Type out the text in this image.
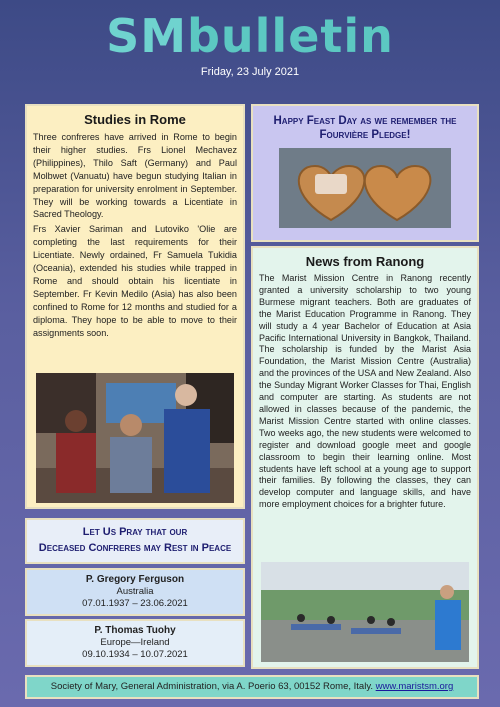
SM bulletin
Friday, 23 July 2021
Studies in Rome

Three confreres have arrived in Rome to begin their higher studies. Frs Lionel Mechavez (Philippines), Thilo Saft (Germany) and Paul Molbwet (Vanuatu) have begun studying Italian in preparation for university enrolment in September. They will be working towards a Licentiate in Sacred Theology.

Frs Xavier Sariman and Lutoviko 'Olie are completing the last requirements for their Licentiate. Newly ordained, Fr Samuela Tukidia (Oceania), extended his studies while trapped in Rome and should obtain his licentiate in September. Fr Kevin Medilo (Asia) has also been confined to Rome for 12 months and studied for a diploma. They hope to be able to move to their assignments soon.

Happy Feast Day as we remember the
Fourvière Pledge!
News from Ranong

The Marist Mission Centre in Ranong recently granted a university scholarship to two young Burmese migrant teachers. Both are graduates of the Marist Education Programme in Ranong. They will study a 4 year Bachelor of Education at Asia Pacific International University in Bangkok, Thailand. The scholarship is funded by the Marist Asia Foundation, the Marist Mission Centre (Australia) and the provinces of the USA and New Zealand. Also the Sunday Migrant Worker Classes for Thai, English and computer are starting. As students are not allowed in classes because of the pandemic, the Marist Mission Centre started with online classes. Two weeks ago, the new students were welcomed to register and download google meet and google classroom to begin their learning online. Most students have left school at a young age to support their families. By following the classes, they can develop computer and language skills, and have more employment choices for a brighter future.

Let Us Pray that our
Deceased Confreres may Rest in Peace
P. Gregory Ferguson
Australia
07.01.1937 – 23.06.2021
P. Thomas Tuohy
Europe—Ireland
09.10.1934 – 10.07.2021
Society of Mary, General Administration, via A. Poerio 63, 00152 Rome, Italy. www.maristsm.org
